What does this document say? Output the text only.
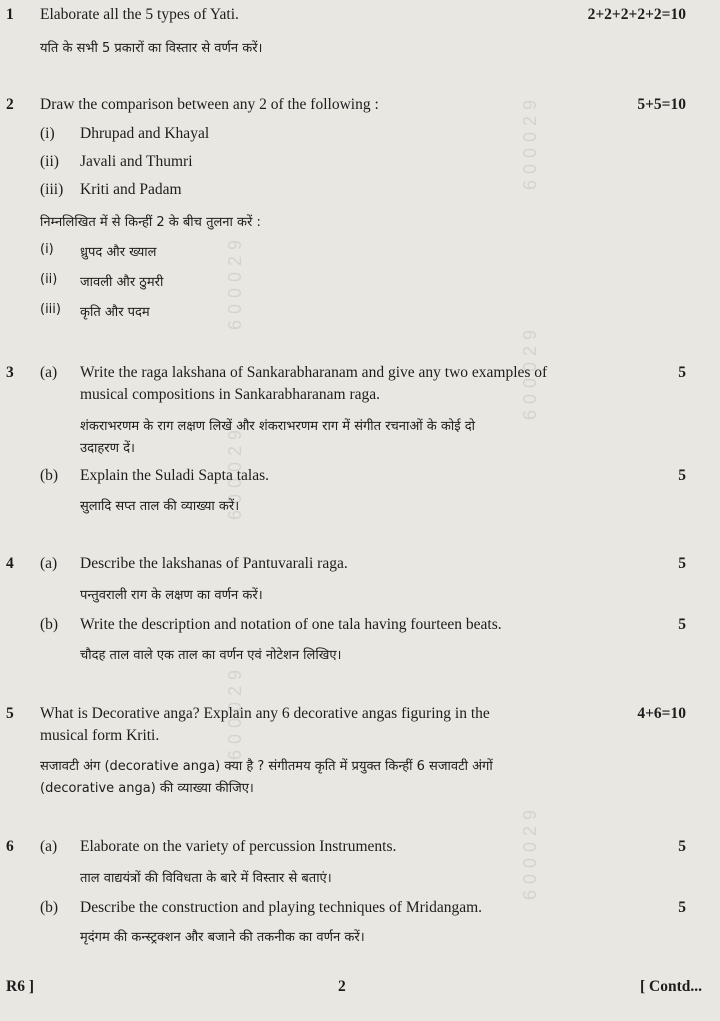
600029
600029
600029
600029
600029
600029
1 Elaborate all the 5 types of Yati.	2+2+2+2+2=10
यति के सभी 5 प्रकारों का विस्तार से वर्णन करें।
2 Draw the comparison between any 2 of the following :	5+5=10
(i) Dhrupad and Khayal
(ii) Javali and Thumri
(iii) Kriti and Padam
निम्नलिखित में से किन्हीं 2 के बीच तुलना करें :
(i) ध्रुपद और ख्याल
(ii) जावली और ठुमरी
(iii) कृति और पदम
3 (a) Write the raga lakshana of Sankarabharanam and give any two examples of	5
musical compositions in Sankarabharanam raga.
शंकराभरणम के राग लक्षण लिखें और शंकराभरणम राग में संगीत रचनाओं के कोई दो
उदाहरण दें।
(b) Explain the Suladi Sapta talas.	5
सुलादि सप्त ताल की व्याख्या करें।
4 (a) Describe the lakshanas of Pantuvarali raga.	5
पन्तुवराली राग के लक्षण का वर्णन करें।
(b) Write the description and notation of one tala having fourteen beats.	5
चौदह ताल वाले एक ताल का वर्णन एवं नोटेशन लिखिए।
5 What is Decorative anga? Explain any 6 decorative angas figuring in the	4+6=10
musical form Kriti.
सजावटी अंग (decorative anga) क्या है ? संगीतमय कृति में प्रयुक्त किन्हीं 6 सजावटी अंगों
(decorative anga) की व्याख्या कीजिए।
6 (a) Elaborate on the variety of percussion Instruments.	5
ताल वाद्ययंत्रों की विविधता के बारे में विस्तार से बताएं।
(b) Describe the construction and playing techniques of Mridangam.	5
मृदंगम की कन्स्ट्रक्शन और बजाने की तकनीक का वर्णन करें।
R6 ]	2	[ Contd...
